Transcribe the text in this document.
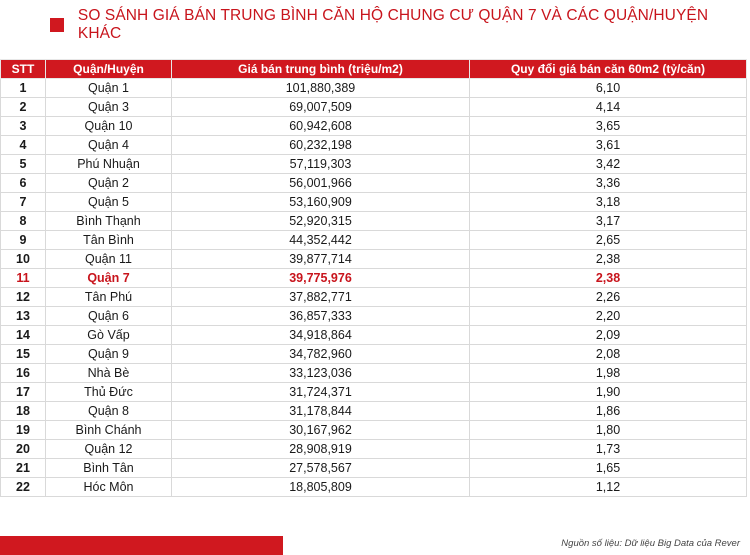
SO SÁNH GIÁ BÁN TRUNG BÌNH CĂN HỘ CHUNG CƯ QUẬN 7 VÀ CÁC QUẬN/HUYỆN KHÁC
STT	Quận/Huyện	Giá bán trung bình (triệu/m2)	Quy đổi giá bán căn 60m2 (tỷ/căn)
1	Quận 1	101,880,389	6,10
2	Quận 3	69,007,509	4,14
3	Quận 10	60,942,608	3,65
4	Quận 4	60,232,198	3,61
5	Phú Nhuận	57,119,303	3,42
6	Quận 2	56,001,966	3,36
7	Quận 5	53,160,909	3,18
8	Bình Thạnh	52,920,315	3,17
9	Tân Bình	44,352,442	2,65
10	Quận 11	39,877,714	2,38
11	Quận 7	39,775,976	2,38
12	Tân Phú	37,882,771	2,26
13	Quận 6	36,857,333	2,20
14	Gò Vấp	34,918,864	2,09
15	Quận 9	34,782,960	2,08
16	Nhà Bè	33,123,036	1,98
17	Thủ Đức	31,724,371	1,90
18	Quận 8	31,178,844	1,86
19	Bình Chánh	30,167,962	1,80
20	Quận 12	28,908,919	1,73
21	Bình Tân	27,578,567	1,65
22	Hóc Môn	18,805,809	1,12
Nguồn số liệu: Dữ liệu Big Data của Rever
